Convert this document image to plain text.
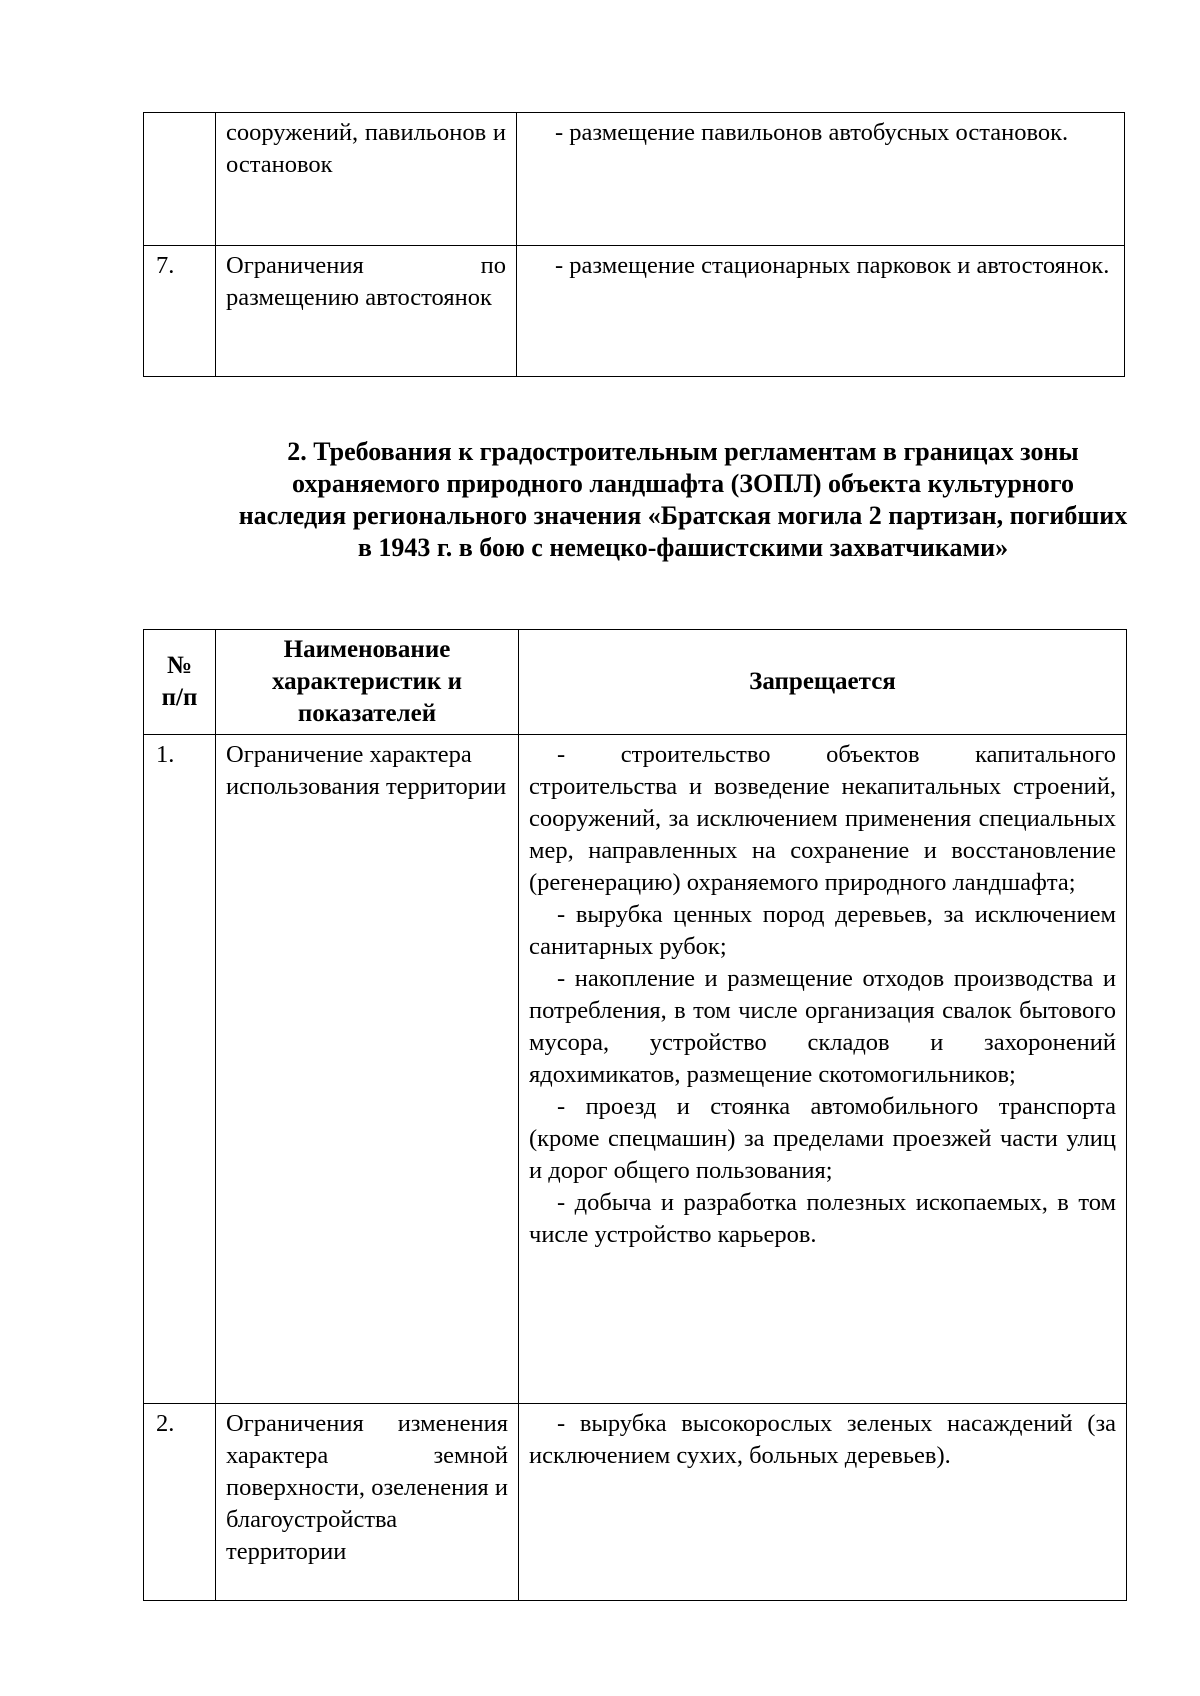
	сооружений, павильонов и остановок	- размещение павильонов автобусных остановок.
7.	Ограничения по размещению автостоянок	- размещение стационарных парковок и автостоянок.
2. Требования к градостроительным регламентам в границах зоны охраняемого природного ландшафта (ЗОПЛ) объекта культурного наследия регионального значения «Братская могила 2 партизан, погибших в 1943 г. в бою с немецко-фашистскими захватчиками»
№ п/п	Наименование характеристик и показателей	Запрещается
1.	Ограничение характера использования территории	- строительство объектов капитального строительства и возведение некапитальных строений, сооружений, за исключением применения специальных мер, направленных на сохранение и восстановление (регенерацию) охраняемого природного ландшафта;

- вырубка ценных пород деревьев, за исключением санитарных рубок;

- накопление и размещение отходов производства и потребления, в том числе организация свалок бытового мусора, устройство складов и захоронений ядохимикатов, размещение скотомогильников;

- проезд и стоянка автомобильного транспорта (кроме спецмашин) за пределами проезжей части улиц и дорог общего пользования;

- добыча и разработка полезных ископаемых, в том числе устройство карьеров.

2.	Ограничения изменения характера земной поверхности, озеленения и благоустройства территории	- вырубка высокорослых зеленых насаждений (за исключением сухих, больных деревьев).
